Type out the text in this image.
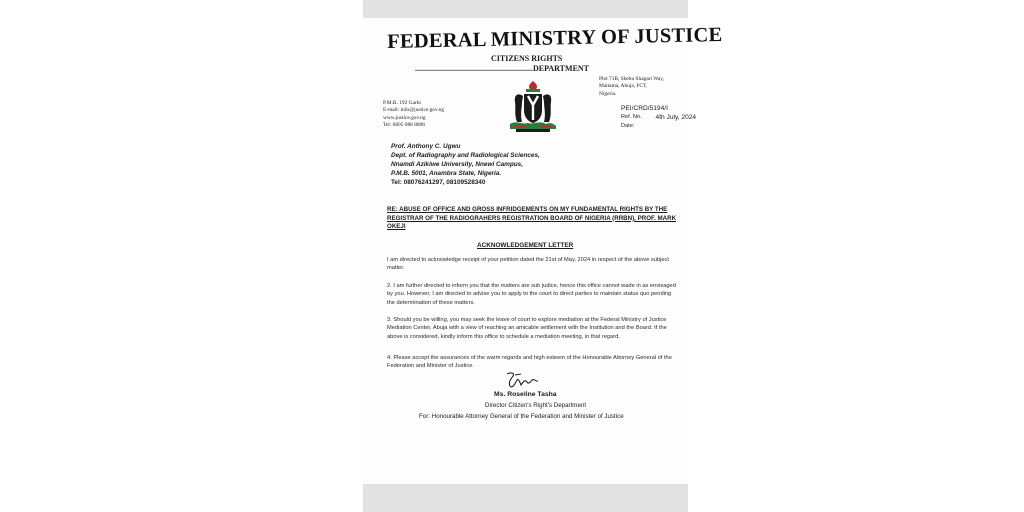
FEDERAL MINISTRY OF JUSTICE
CITIZENS RIGHTS
...........................................................DEPARTMENT
P.M.B. 192 Garki
E-mail: info@justice.gov.ng
www.justice.gov.ng
Tel: 0805 088 8806
Plot 71B, Shehu Shagari Way,
Maitama, Abuja, FCT,
Nigeria.
PEI/CRD/5194/I
Ref. No. 4th July, 2024
Date:
Prof. Anthony C. Ugwu
Dept. of Radiography and Radiological Sciences,
Nnamdi Azikiwe University, Nnewi Campus,
P.M.B. 5001, Anambra State, Nigeria.
Tel: 08076241297, 08109528340
RE: ABUSE OF OFFICE AND GROSS INFRIDGEMENTS ON MY FUNDAMENTAL RIGHTS BY THE REGISTRAR OF THE RADIOGRAHERS REGISTRATION BOARD OF NIGERIA (RRBN), PROF. MARK OKEJI
ACKNOWLEDGEMENT LETTER
I am directed to acknowledge receipt of your petition dated the 21st of May, 2024 in respect of the above subject matter.
2. I am further directed to inform you that the matters are sub judice, hence this office cannot wade in as envisaged by you. However, I am directed to advise you to apply to the court to direct parties to maintain status quo pending the determination of these matters.
3. Should you be willing, you may seek the leave of court to explore mediation at the Federal Ministry of Justice Mediation Center, Abuja with a view of reaching an amicable settlement with the Institution and the Board. If the above is considered, kindly inform this office to schedule a mediation meeting, in that regard.
4. Please accept the assurances of the warm regards and high esteem of the Honourable Attorney General of the Federation and Minister of Justice.
Ms. Roseline Tasha
Director Citizen's Right's Department
For: Honourable Attorney General of the Federation and Minister of Justice
